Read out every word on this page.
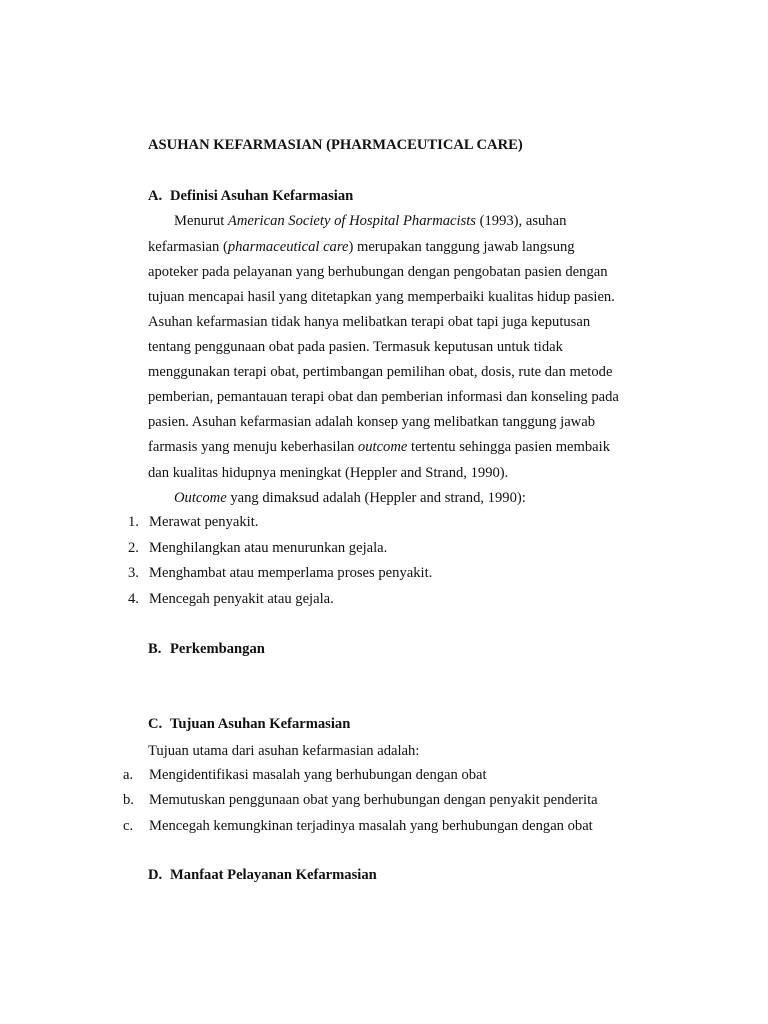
ASUHAN KEFARMASIAN (PHARMACEUTICAL CARE)
A. Definisi Asuhan Kefarmasian
Menurut American Society of Hospital Pharmacists (1993), asuhan
kefarmasian (pharmaceutical care) merupakan tanggung jawab langsung
apoteker pada pelayanan yang berhubungan dengan pengobatan pasien dengan
tujuan mencapai hasil yang ditetapkan yang memperbaiki kualitas hidup pasien.
Asuhan kefarmasian tidak hanya melibatkan terapi obat tapi juga keputusan
tentang penggunaan obat pada pasien. Termasuk keputusan untuk tidak
menggunakan terapi obat, pertimbangan pemilihan obat, dosis, rute dan metode
pemberian, pemantauan terapi obat dan pemberian informasi dan konseling pada
pasien. Asuhan kefarmasian adalah konsep yang melibatkan tanggung jawab
farmasis yang menuju keberhasilan outcome tertentu sehingga pasien membaik
dan kualitas hidupnya meningkat (Heppler and Strand, 1990).
Outcome yang dimaksud adalah (Heppler and strand, 1990):
1. Merawat penyakit.
2. Menghilangkan atau menurunkan gejala.
3. Menghambat atau memperlama proses penyakit.
4. Mencegah penyakit atau gejala.
B. Perkembangan
C. Tujuan Asuhan Kefarmasian
Tujuan utama dari asuhan kefarmasian adalah:
a. Mengidentifikasi masalah yang berhubungan dengan obat
b. Memutuskan penggunaan obat yang berhubungan dengan penyakit penderita
c. Mencegah kemungkinan terjadinya masalah yang berhubungan dengan obat
D. Manfaat Pelayanan Kefarmasian
